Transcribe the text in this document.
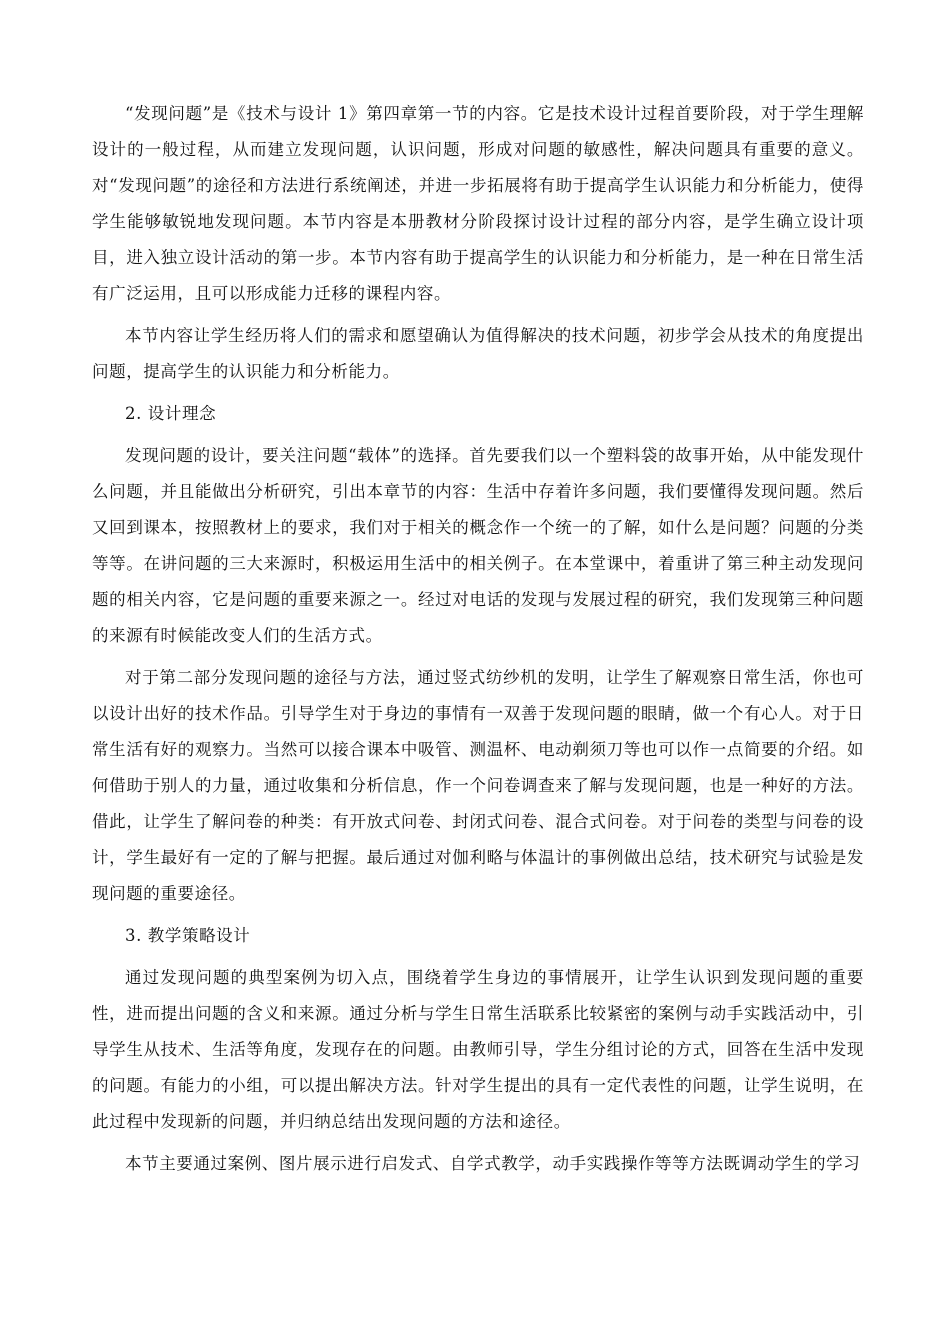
“发现问题”是《技术与设计 1》第四章第一节的内容。它是技术设计过程首要阶段，对于学生理解设计的一般过程，从而建立发现问题，认识问题，形成对问题的敏感性，解决问题具有重要的意义。对“发现问题”的途径和方法进行系统阐述，并进一步拓展将有助于提高学生认识能力和分析能力，使得学生能够敏锐地发现问题。本节内容是本册教材分阶段探讨设计过程的部分内容，是学生确立设计项目，进入独立设计活动的第一步。本节内容有助于提高学生的认识能力和分析能力，是一种在日常生活有广泛运用，且可以形成能力迁移的课程内容。

本节内容让学生经历将人们的需求和愿望确认为值得解决的技术问题，初步学会从技术的角度提出问题，提高学生的认识能力和分析能力。

2. 设计理念

发现问题的设计，要关注问题“载体”的选择。首先要我们以一个塑料袋的故事开始，从中能发现什么问题，并且能做出分析研究，引出本章节的内容：生活中存着许多问题，我们要懂得发现问题。然后又回到课本，按照教材上的要求，我们对于相关的概念作一个统一的了解，如什么是问题？问题的分类等等。在讲问题的三大来源时，积极运用生活中的相关例子。在本堂课中，着重讲了第三种主动发现问题的相关内容，它是问题的重要来源之一。经过对电话的发现与发展过程的研究，我们发现第三种问题的来源有时候能改变人们的生活方式。

对于第二部分发现问题的途径与方法，通过竖式纺纱机的发明，让学生了解观察日常生活，你也可以设计出好的技术作品。引导学生对于身边的事情有一双善于发现问题的眼睛，做一个有心人。对于日常生活有好的观察力。当然可以接合课本中吸管、测温杯、电动剃须刀等也可以作一点简要的介绍。如何借助于别人的力量，通过收集和分析信息，作一个问卷调查来了解与发现问题，也是一种好的方法。借此，让学生了解问卷的种类：有开放式问卷、封闭式问卷、混合式问卷。对于问卷的类型与问卷的设计，学生最好有一定的了解与把握。最后通过对伽利略与体温计的事例做出总结，技术研究与试验是发现问题的重要途径。

3. 教学策略设计

通过发现问题的典型案例为切入点，围绕着学生身边的事情展开，让学生认识到发现问题的重要性，进而提出问题的含义和来源。通过分析与学生日常生活联系比较紧密的案例与动手实践活动中，引导学生从技术、生活等角度，发现存在的问题。由教师引导，学生分组讨论的方式，回答在生活中发现的问题。有能力的小组，可以提出解决方法。针对学生提出的具有一定代表性的问题，让学生说明，在此过程中发现新的问题，并归纳总结出发现问题的方法和途径。

本节主要通过案例、图片展示进行启发式、自学式教学，动手实践操作等等方法既调动学生的学习
